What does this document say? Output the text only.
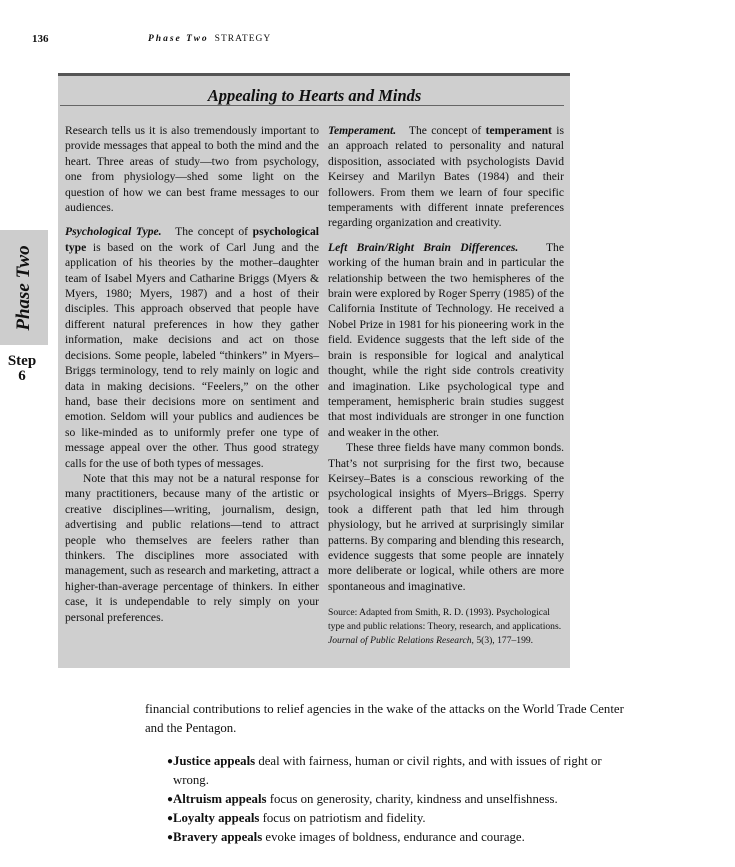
136	Phase Two STRATEGY
Phase Two
Step
6
Appealing to Hearts and Minds

Research tells us it is also tremendously important to provide messages that appeal to both the mind and the heart. Three areas of study—two from psychology, one from physiology—shed some light on the question of how we can best frame messages to our audiences.

Psychological Type. The concept of psychological type is based on the work of Carl Jung and the application of his theories by the mother–daughter team of Isabel Myers and Catharine Briggs (Myers & Myers, 1980; Myers, 1987) and a host of their disciples. This approach observed that people have different natural preferences in how they gather information, make decisions and act on those decisions. Some people, labeled “thinkers” in Myers–Briggs terminology, tend to rely mainly on logic and data in making decisions. “Feelers,” on the other hand, base their decisions more on sentiment and emotion. Seldom will your publics and audiences be so like-minded as to uniformly prefer one type of message appeal over the other. Thus good strategy calls for the use of both types of messages.

Note that this may not be a natural response for many practitioners, because many of the artistic or creative disciplines—writing, journalism, design, advertising and public relations—tend to attract people who themselves are feelers rather than thinkers. The disciplines more associated with management, such as research and marketing, attract a higher-than-average percentage of thinkers. In either case, it is undependable to rely simply on your personal preferences.

Temperament. The concept of temperament is an approach related to personality and natural disposition, associated with psychologists David Keirsey and Marilyn Bates (1984) and their followers. From them we learn of four specific temperaments with different innate preferences regarding organization and creativity.

Left Brain/Right Brain Differences. The working of the human brain and in particular the relationship between the two hemispheres of the brain were explored by Roger Sperry (1985) of the California Institute of Technology. He received a Nobel Prize in 1981 for his pioneering work in the field. Evidence suggests that the left side of the brain is responsible for logical and analytical thought, while the right side controls creativity and imagination. Like psychological type and temperament, hemispheric brain studies suggest that most individuals are stronger in one function and weaker in the other.

These three fields have many common bonds. That’s not surprising for the first two, because Keirsey–Bates is a conscious reworking of the psychological insights of Myers–Briggs. Sperry took a different path that led him through physiology, but he arrived at surprisingly similar patterns. By comparing and blending this research, evidence suggests that some people are innately more deliberate or logical, while others are more spontaneous and imaginative.

Source: Adapted from Smith, R. D. (1993). Psychological type and public relations: Theory, research, and applications. Journal of Public Relations Research, 5(3), 177–199.

financial contributions to relief agencies in the wake of the attacks on the World Trade Center and the Pentagon.

● Justice appeals deal with fairness, human or civil rights, and with issues of right or wrong.
● Altruism appeals focus on generosity, charity, kindness and unselfishness.
● Loyalty appeals focus on patriotism and fidelity.
● Bravery appeals evoke images of boldness, endurance and courage.
